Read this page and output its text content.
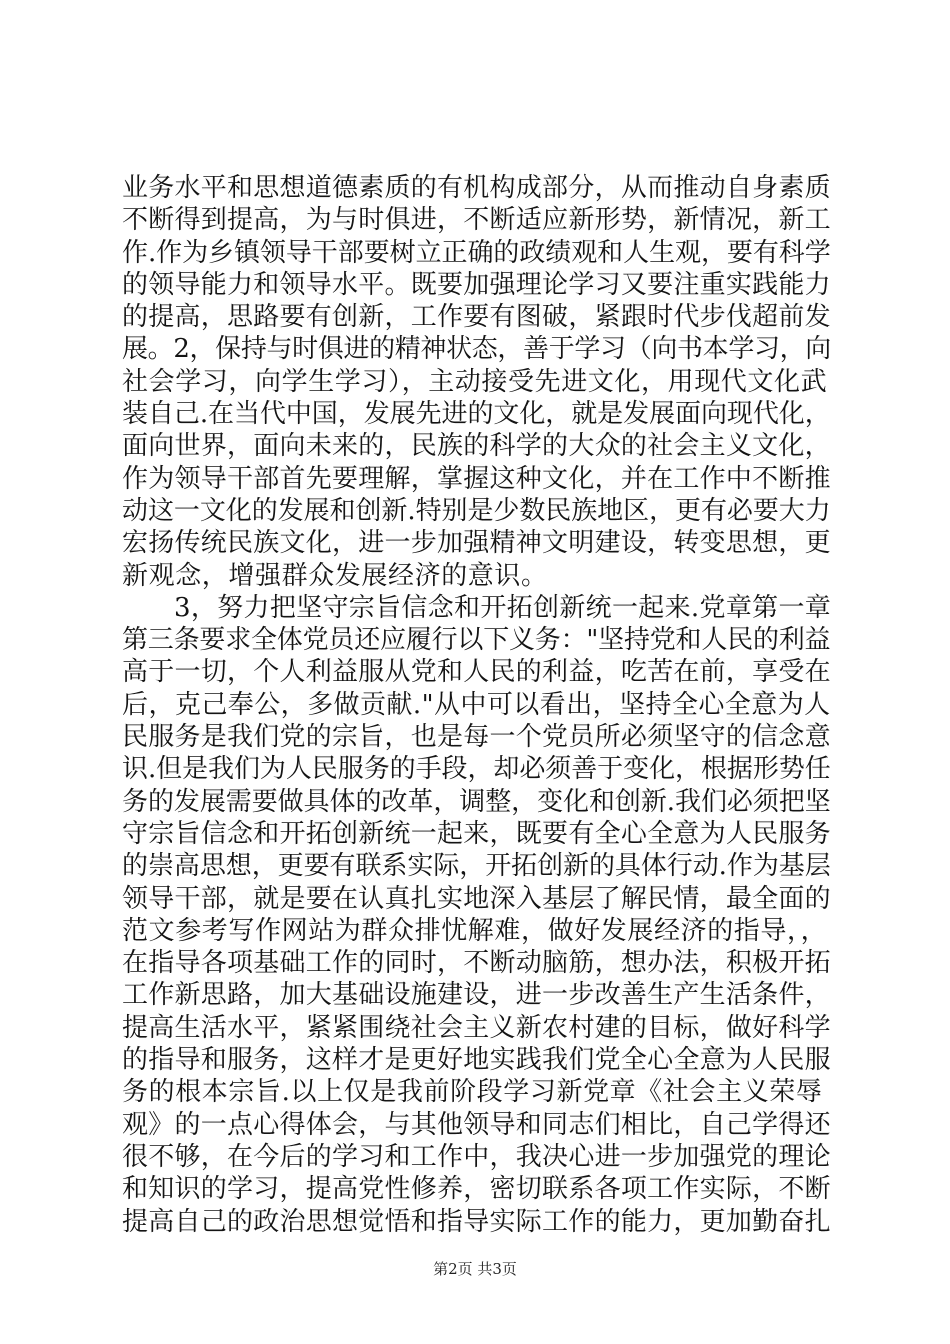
业务水平和思想道德素质的有机构成部分，从而推动自身素质
不断得到提高，为与时俱进，不断适应新形势，新情况，新工
作.作为乡镇领导干部要树立正确的政绩观和人生观，要有科学
的领导能力和领导水平。既要加强理论学习又要注重实践能力
的提高，思路要有创新，工作要有图破，紧跟时代步伐超前发
展。2，保持与时俱进的精神状态，善于学习（向书本学习，向
社会学习，向学生学习），主动接受先进文化，用现代文化武
装自己.在当代中国，发展先进的文化，就是发展面向现代化，
面向世界，面向未来的，民族的科学的大众的社会主义文化，
作为领导干部首先要理解，掌握这种文化，并在工作中不断推
动这一文化的发展和创新.特别是少数民族地区，更有必要大力
宏扬传统民族文化，进一步加强精神文明建设，转变思想，更
新观念，增强群众发展经济的意识。
3，努力把坚守宗旨信念和开拓创新统一起来.党章第一章
第三条要求全体党员还应履行以下义务："坚持党和人民的利益
高于一切，个人利益服从党和人民的利益，吃苦在前，享受在
后，克己奉公，多做贡献."从中可以看出，坚持全心全意为人
民服务是我们党的宗旨，也是每一个党员所必须坚守的信念意
识.但是我们为人民服务的手段，却必须善于变化，根据形势任
务的发展需要做具体的改革，调整，变化和创新.我们必须把坚
守宗旨信念和开拓创新统一起来，既要有全心全意为人民服务
的崇高思想，更要有联系实际，开拓创新的具体行动.作为基层
领导干部，就是要在认真扎实地深入基层了解民情，最全面的
范文参考写作网站为群众排忧解难，做好发展经济的指导，，
在指导各项基础工作的同时，不断动脑筋，想办法，积极开拓
工作新思路，加大基础设施建设，进一步改善生产生活条件，
提高生活水平，紧紧围绕社会主义新农村建的目标，做好科学
的指导和服务，这样才是更好地实践我们党全心全意为人民服
务的根本宗旨.以上仅是我前阶段学习新党章《社会主义荣辱
观》的一点心得体会，与其他领导和同志们相比，自己学得还
很不够，在今后的学习和工作中，我决心进一步加强党的理论
和知识的学习，提高党性修养，密切联系各项工作实际，不断
提高自己的政治思想觉悟和指导实际工作的能力，更加勤奋扎
第2页 共3页
